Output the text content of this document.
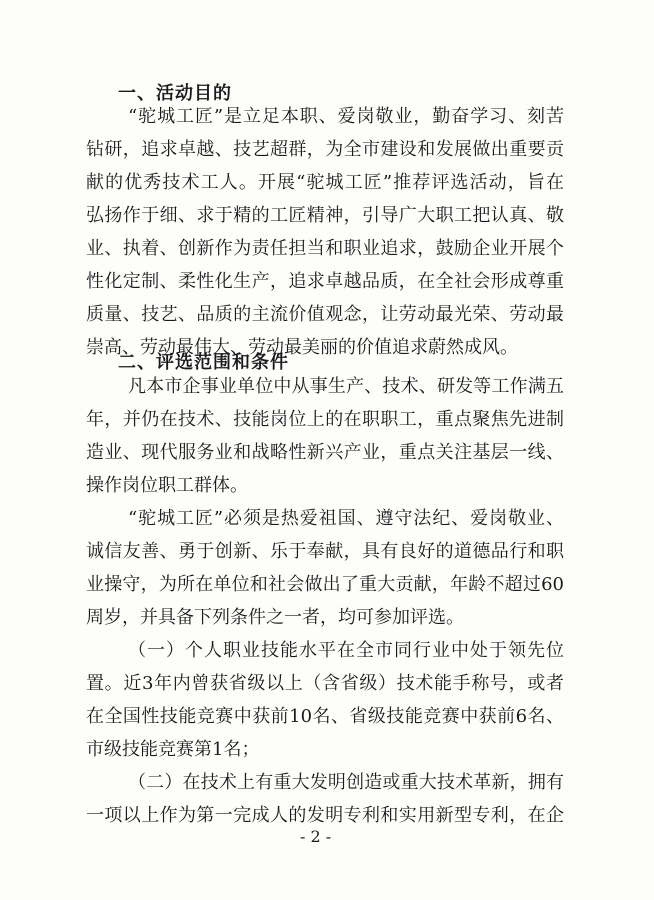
一、活动目的
“驼城工匠”是立足本职、爱岗敬业，勤奋学习、刻苦
钻研，追求卓越、技艺超群，为全市建设和发展做出重要贡
献的优秀技术工人。开展“驼城工匠”推荐评选活动，旨在
弘扬作于细、求于精的工匠精神，引导广大职工把认真、敬
业、执着、创新作为责任担当和职业追求，鼓励企业开展个
性化定制、柔性化生产，追求卓越品质，在全社会形成尊重
质量、技艺、品质的主流价值观念，让劳动最光荣、劳动最
崇高、劳动最伟大、劳动最美丽的价值追求蔚然成风。
二、评选范围和条件
凡本市企事业单位中从事生产、技术、研发等工作满五
年，并仍在技术、技能岗位上的在职职工，重点聚焦先进制
造业、现代服务业和战略性新兴产业，重点关注基层一线、
操作岗位职工群体。
“驼城工匠”必须是热爱祖国、遵守法纪、爱岗敬业、
诚信友善、勇于创新、乐于奉献，具有良好的道德品行和职
业操守，为所在单位和社会做出了重大贡献，年龄不超过60
周岁，并具备下列条件之一者，均可参加评选。
（一）个人职业技能水平在全市同行业中处于领先位
置。近3年内曾获省级以上（含省级）技术能手称号，或者
在全国性技能竞赛中获前10名、省级技能竞赛中获前6名、
市级技能竞赛第1名；
（二）在技术上有重大发明创造或重大技术革新，拥有
一项以上作为第一完成人的发明专利和实用新型专利，在企
- 2 -
